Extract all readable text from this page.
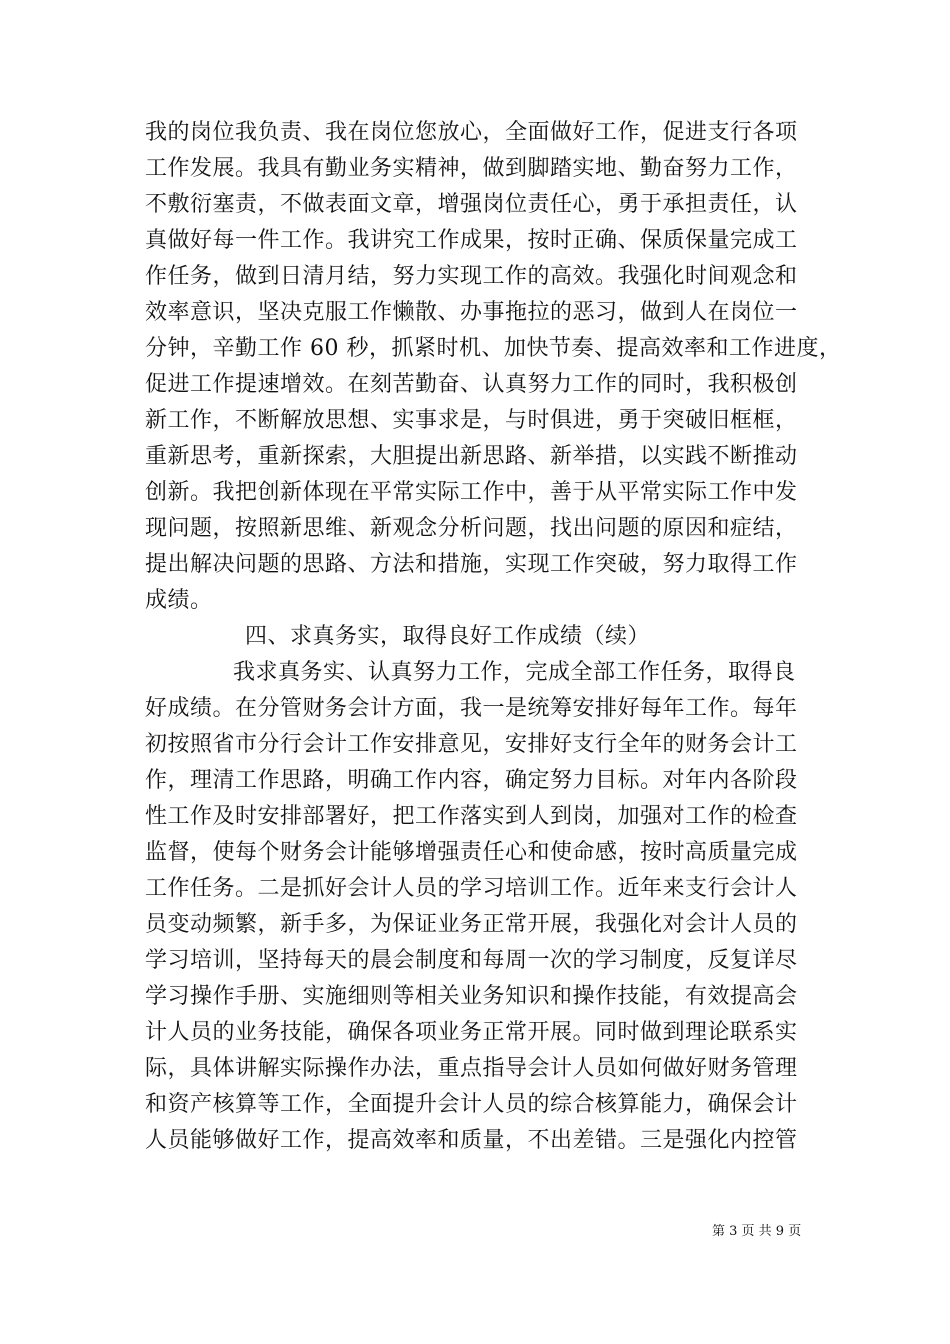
我的岗位我负责、我在岗位您放心，全面做好工作，促进支行各项
工作发展。我具有勤业务实精神，做到脚踏实地、勤奋努力工作，
不敷衍塞责，不做表面文章，增强岗位责任心，勇于承担责任，认
真做好每一件工作。我讲究工作成果，按时正确、保质保量完成工
作任务，做到日清月结，努力实现工作的高效。我强化时间观念和
效率意识，坚决克服工作懒散、办事拖拉的恶习，做到人在岗位一
分钟，辛勤工作 60 秒，抓紧时机、加快节奏、提高效率和工作进度，
促进工作提速增效。在刻苦勤奋、认真努力工作的同时，我积极创
新工作，不断解放思想、实事求是，与时俱进，勇于突破旧框框，
重新思考，重新探索，大胆提出新思路、新举措，以实践不断推动
创新。我把创新体现在平常实际工作中，善于从平常实际工作中发
现问题，按照新思维、新观念分析问题，找出问题的原因和症结，
提出解决问题的思路、方法和措施，实现工作突破，努力取得工作
成绩。
四、求真务实，取得良好工作成绩（续）
我求真务实、认真努力工作，完成全部工作任务，取得良
好成绩。在分管财务会计方面，我一是统筹安排好每年工作。每年
初按照省市分行会计工作安排意见，安排好支行全年的财务会计工
作，理清工作思路，明确工作内容，确定努力目标。对年内各阶段
性工作及时安排部署好，把工作落实到人到岗，加强对工作的检查
监督，使每个财务会计能够增强责任心和使命感，按时高质量完成
工作任务。二是抓好会计人员的学习培训工作。近年来支行会计人
员变动频繁，新手多，为保证业务正常开展，我强化对会计人员的
学习培训，坚持每天的晨会制度和每周一次的学习制度，反复详尽
学习操作手册、实施细则等相关业务知识和操作技能，有效提高会
计人员的业务技能，确保各项业务正常开展。同时做到理论联系实
际，具体讲解实际操作办法，重点指导会计人员如何做好财务管理
和资产核算等工作，全面提升会计人员的综合核算能力，确保会计
人员能够做好工作，提高效率和质量，不出差错。三是强化内控管
第 3 页 共 9 页
